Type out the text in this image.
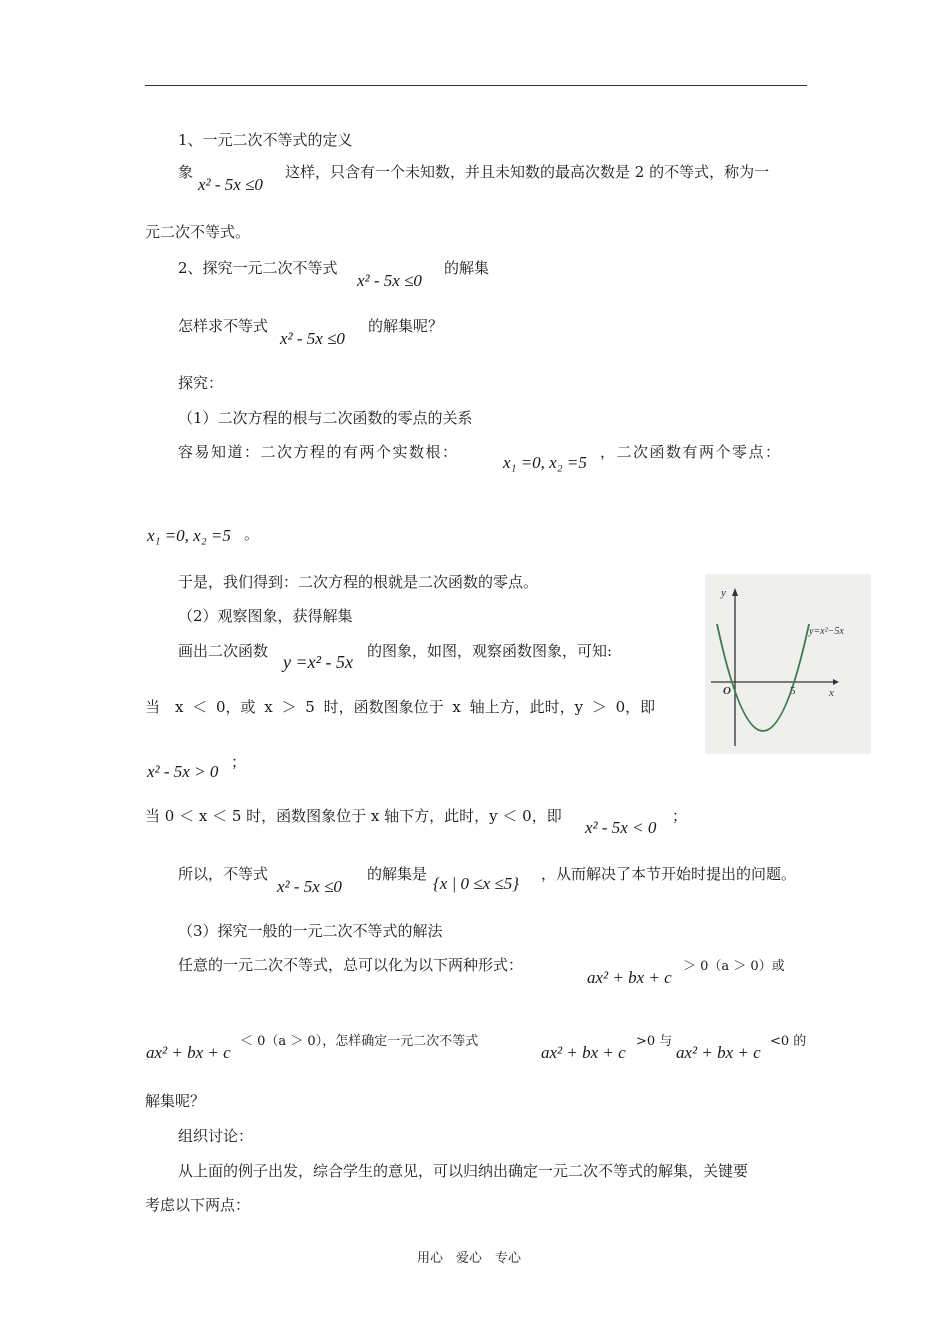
1、一元二次不等式的定义
象
x² - 5x ≤0
这样，只含有一个未知数，并且未知数的最高次数是 2 的不等式，称为一
元二次不等式。
2、探究一元二次不等式
x² - 5x ≤0
的解集
怎样求不等式
x² - 5x ≤0
的解集呢？
探究：
（1）二次方程的根与二次函数的零点的关系
容易知道：二次方程的有两个实数根：
x₁ =0, x₂ =5
，二次函数有两个零点：
x₁ =0, x₂ =5 。
于是，我们得到：二次方程的根就是二次函数的零点。
（2）观察图象，获得解集
画出二次函数
y =x² - 5x
的图象，如图，观察函数图象，可知:
当　x ＜ 0，或 x ＞ 5 时，函数图象位于 x 轴上方，此时，y ＞ 0，即
x² - 5x > 0 ；
当 0 ＜ x ＜ 5 时，函数图象位于 x 轴下方，此时，y ＜ 0，即
x² - 5x < 0
；
所以，不等式
x² - 5x ≤0
的解集是 {x | 0 ≤x ≤5} ，从而解决了本节开始时提出的问题。
（3）探究一般的一元二次不等式的解法
任意的一元二次不等式，总可以化为以下两种形式：
ax² + bx + c
＞ 0（a ＞ 0）或
ax² + bx + c
＜ 0（a ＞ 0），怎样确定一元二次不等式
ax² + bx + c
>0 与
ax² + bx + c
<0 的
解集呢？
组织讨论：
从上面的例子出发，综合学生的意见，可以归纳出确定一元二次不等式的解集，关键要
考虑以下两点：
y
x
O	5
y=x²−5x
用心　爱心　专心
